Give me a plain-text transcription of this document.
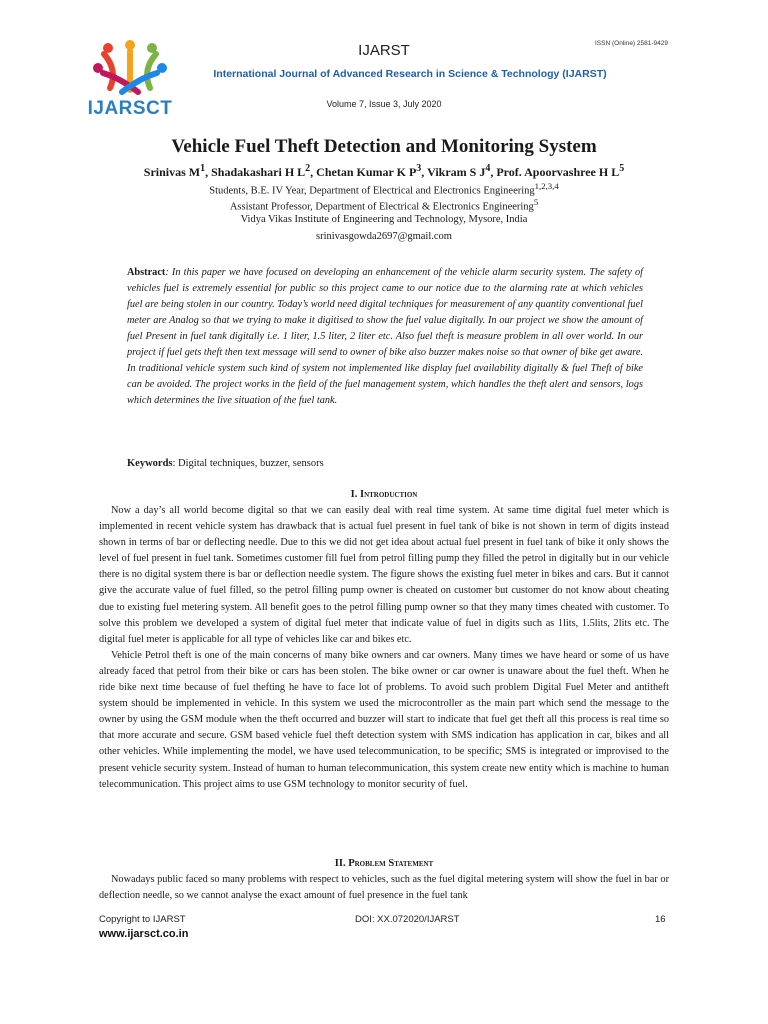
IJARSCT
ISSN (Online) 2581-9429
IJARST
International Journal of Advanced Research in Science & Technology (IJARST)
Volume 7, Issue 3, July 2020
Vehicle Fuel Theft Detection and Monitoring System
Srinivas $M^1$, Shadakashari H $L^2$, Chetan Kumar K $P^3$, Vikram S $J^4$, Prof. Apoorvashree H $L^5$
Students, B.E. IV Year, Department of Electrical and Electronics Engineering$^{1,2,3,4}$
Assistant Professor, Department of Electrical & Electronics Engineering$^5$
Vidya Vikas Institute of Engineering and Technology, Mysore, India
srinivasgowda2697@gmail.com
Abstract: In this paper we have focused on developing an enhancement of the vehicle alarm security system. The safety of vehicles fuel is extremely essential for public so this project came to our notice due to the alarming rate at which vehicles fuel are being stolen in our country. Today’s world need digital techniques for measurement of any quantity conventional fuel meter are Analog so that we trying to make it digitised to show the fuel value digitally. In our project we show the amount of fuel Present in fuel tank digitally i.e. 1 liter, 1.5 liter, 2 liter etc. Also fuel theft is measure problem in all over world. In our project if fuel gets theft then text message will send to owner of bike also buzzer makes noise so that owner of bike get aware. In traditional vehicle system such kind of system not implemented like display fuel availability digitally & fuel Theft of bike can be avoided. The project works in the field of the fuel management system, which handles the theft alert and sensors, logs which determines the live situation of the fuel tank.
Keywords: Digital techniques, buzzer, sensors
I. Introduction

Now a day’s all world become digital so that we can easily deal with real time system. At same time digital fuel meter which is implemented in recent vehicle system has drawback that is actual fuel present in fuel tank of bike is not shown in term of digits instead shown in terms of bar or deflecting needle. Due to this we did not get idea about actual fuel present in fuel tank of bike it only shows the level of fuel present in fuel tank. Sometimes customer fill fuel from petrol filling pump they filled the petrol in digitally but in our vehicle there is no digital system there is bar or deflection needle system. The figure shows the existing fuel meter in bikes and cars. But it cannot give the accurate value of fuel filled, so the petrol filling pump owner is cheated on customer but customer do not know about cheating due to existing fuel metering system. All benefit goes to the petrol filling pump owner so that they many times cheated with customer. To solve this problem we developed a system of digital fuel meter that indicate value of fuel in digits such as 1lits, 1.5lits, 2lits etc. The digital fuel meter is applicable for all type of vehicles like car and bikes etc.

Vehicle Petrol theft is one of the main concerns of many bike owners and car owners. Many times we have heard or some of us have already faced that petrol from their bike or cars has been stolen. The bike owner or car owner is unaware about the fuel theft. When he ride bike next time because of fuel thefting he have to face lot of problems. To avoid such problem Digital Fuel Meter and antitheft system should be implemented in vehicle. In this system we used the microcontroller as the main part which send the message to the owner by using the GSM module when the theft occurred and buzzer will start to indicate that fuel get theft all this process is real time so that more accurate and secure. GSM based vehicle fuel theft detection system with SMS indication has application in car, bikes and all other vehicles. While implementing the model, we have used telecommunication, to be specific; SMS is integrated or improvised to the present vehicle security system. Instead of human to human telecommunication, this system create new entity which is machine to human telecommunication. This project aims to use GSM technology to monitor security of fuel.

II. Problem Statement

Nowadays public faced so many problems with respect to vehicles, such as the fuel digital metering system will show the fuel in bar or deflection needle, so we cannot analyse the exact amount of fuel presence in the fuel tank

Copyright to IJARST
www.ijarsct.co.in
DOI: XX.072020/IJARST	16
